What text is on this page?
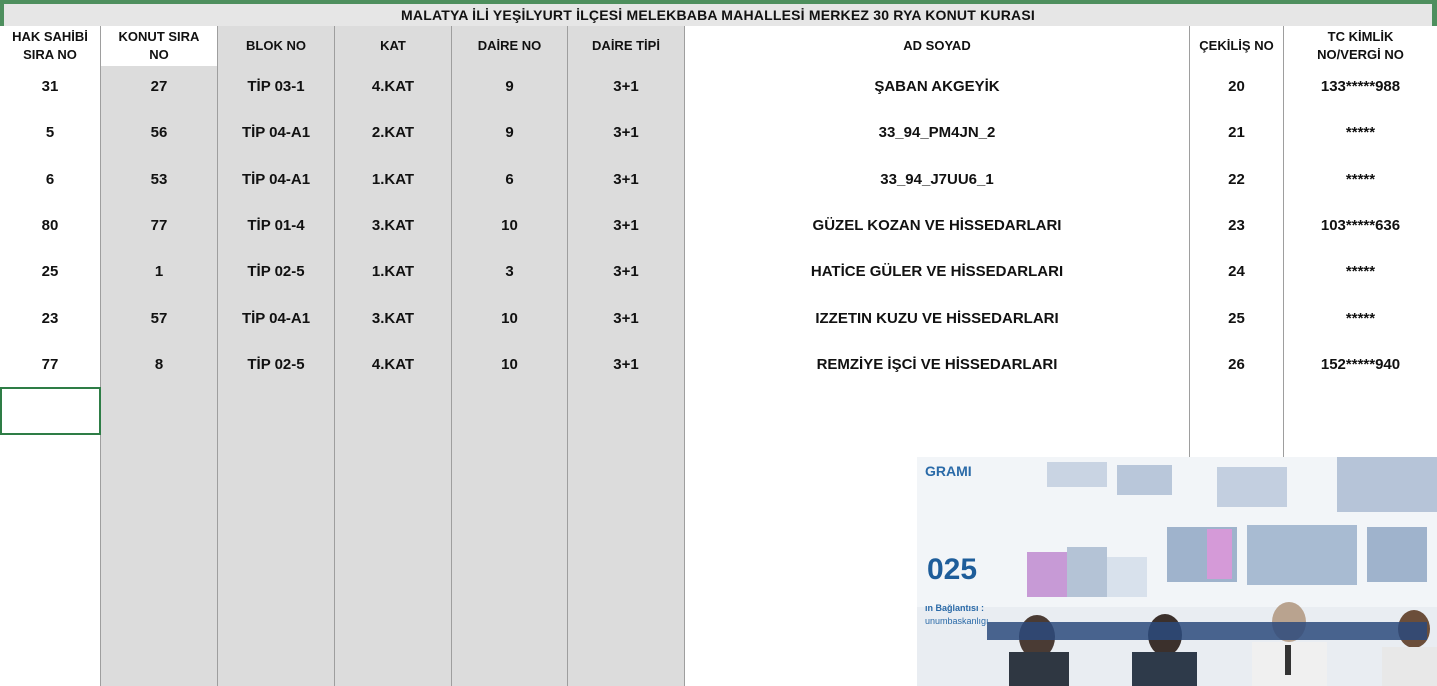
MALATYA İLİ YEŞİLYURT İLÇESİ MELEKBABA MAHALLESİ MERKEZ 30 RYA KONUT KURASI
HAK SAHİBİ
SIRA NO
31
5
6
80
25
23
77
KONUT SIRA
NO
27
56
53
77
1
57
8
BLOK NO
TİP 03-1
TİP 04-A1
TİP 04-A1
TİP 01-4
TİP 02-5
TİP 04-A1
TİP 02-5
KAT
4.KAT
2.KAT
1.KAT
3.KAT
1.KAT
3.KAT
4.KAT
DAİRE NO
9
9
6
10
3
10
10
DAİRE TİPİ
3+1
3+1
3+1
3+1
3+1
3+1
3+1
AD SOYAD
ŞABAN AKGEYİK
33_94_PM4JN_2
33_94_J7UU6_1
GÜZEL KOZAN VE HİSSEDARLARI
HATİCE GÜLER VE HİSSEDARLARI
IZZETIN KUZU VE HİSSEDARLARI
REMZİYE İŞCİ VE HİSSEDARLARI
ÇEKİLİŞ NO
20
21
22
23
24
25
26
TC KİMLİK
NO/VERGİ NO
133*****988
*****
*****
103*****636
*****
*****
152*****940
GRAMI
025
ın Bağlantısı :
unumbaskanlıgı
